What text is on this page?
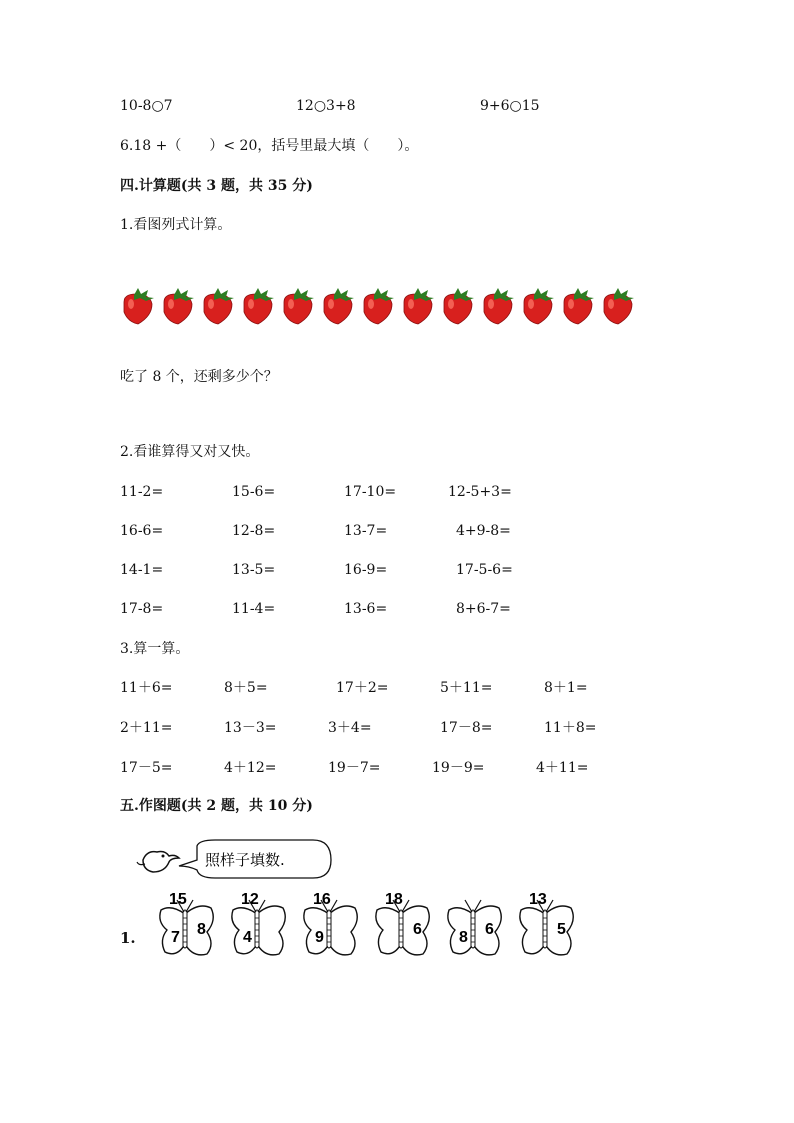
10-8○7	12○3+8	9+6○15
6.18 +（　　）< 20，括号里最大填（　　）。
四.计算题(共 3 题，共 35 分)
1.看图列式计算。
吃了 8 个，还剩多少个？
2.看谁算得又对又快。
11-2=	15-6=	17-10=	12-5+3=
16-6=	12-8=	13-7=	4+9-8=
14-1=	13-5=	16-9=	17-5-6=
17-8=	11-4=	13-6=	8+6-7=
3.算一算。
11＋6=	8＋5=	17＋2=	5＋11=	8＋1=
2＋11=	13－3=	3＋4=	17－8=	11＋8=
17－5=	4＋12=	19－7=	19－9=	4＋11=
五.作图题(共 2 题，共 10 分)
1.
照样子填数.
15
7 8
12
4
16
9
18
6 8 6
13
5
